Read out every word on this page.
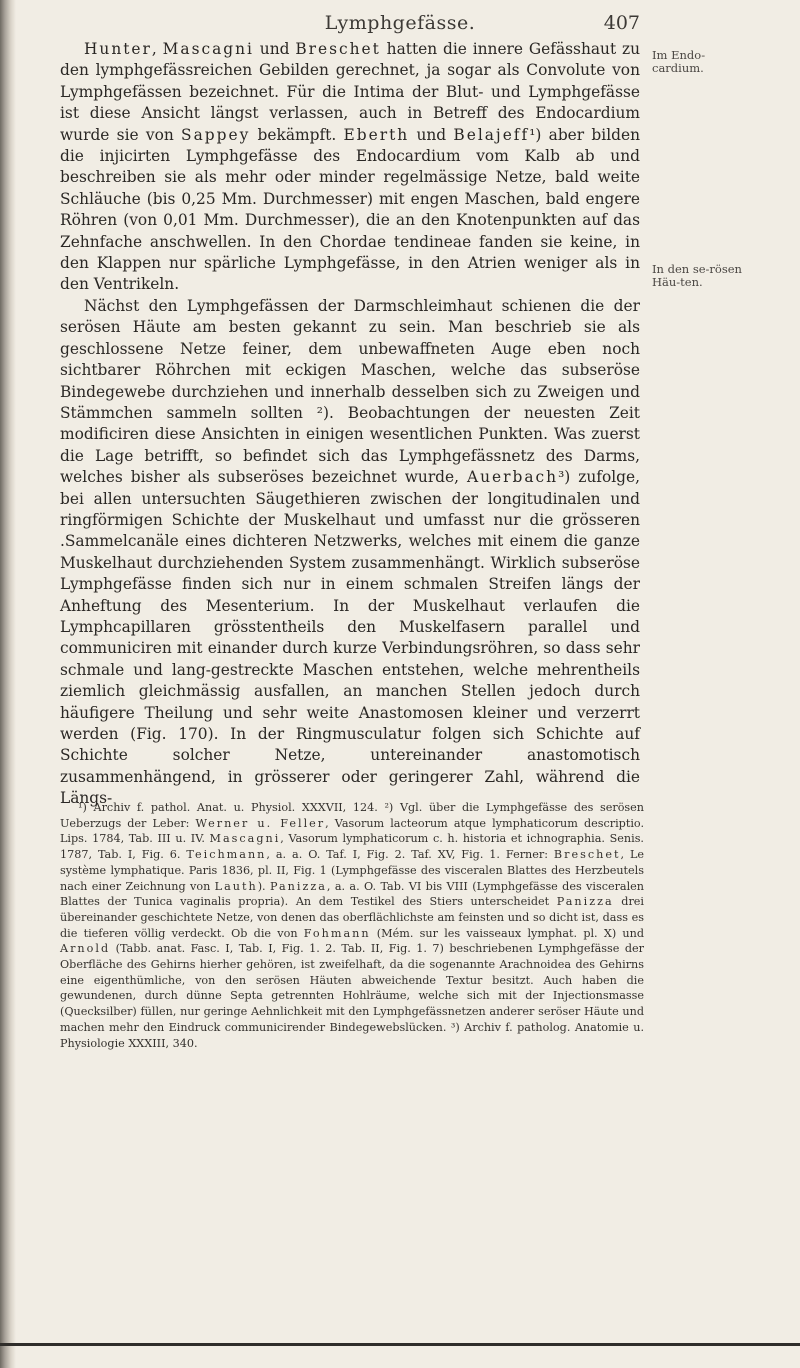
Lymphgefässe.	407

Hunter, Mascagni und Breschet hatten die innere Gefässhaut zu den lymphgefässreichen Gebilden gerechnet, ja sogar als Convolute von Lymphgefässen bezeichnet. Für die Intima der Blut- und Lymphgefässe ist diese Ansicht längst verlassen, auch in Betreff des Endocardium wurde sie von Sappey bekämpft. Eberth und Belajeff¹) aber bilden die injicirten Lymphgefässe des Endocardium vom Kalb ab und beschreiben sie als mehr oder minder regelmässige Netze, bald weite Schläuche (bis 0,25 Mm. Durchmesser) mit engen Maschen, bald engere Röhren (von 0,01 Mm. Durchmesser), die an den Knotenpunkten auf das Zehnfache anschwellen. In den Chordae tendineae fanden sie keine, in den Klappen nur spärliche Lymphgefässe, in den Atrien weniger als in den Ventrikeln.

Nächst den Lymphgefässen der Darmschleimhaut schienen die der serösen Häute am besten gekannt zu sein. Man beschrieb sie als geschlossene Netze feiner, dem unbewaffneten Auge eben noch sichtbarer Röhrchen mit eckigen Maschen, welche das subseröse Bindegewebe durchziehen und innerhalb desselben sich zu Zweigen und Stämmchen sammeln sollten ²). Beobachtungen der neuesten Zeit modificiren diese Ansichten in einigen wesentlichen Punkten. Was zuerst die Lage betrifft, so befindet sich das Lymphgefässnetz des Darms, welches bisher als subseröses bezeichnet wurde, Auerbach³) zufolge, bei allen untersuchten Säugethieren zwischen der longitudinalen und ringförmigen Schichte der Muskelhaut und umfasst nur die grösseren .Sammelcanäle eines dichteren Netzwerks, welches mit einem die ganze Muskelhaut durchziehenden System zusammenhängt. Wirklich subseröse Lymphgefässe finden sich nur in einem schmalen Streifen längs der Anheftung des Mesenterium. In der Muskelhaut verlaufen die Lymphcapillaren grösstentheils den Muskelfasern parallel und communiciren mit einander durch kurze Verbindungsröhren, so dass sehr schmale und lang-gestreckte Maschen entstehen, welche mehrentheils ziemlich gleichmässig ausfallen, an manchen Stellen jedoch durch häufigere Theilung und sehr weite Anastomosen kleiner und verzerrt werden (Fig. 170). In der Ringmusculatur folgen sich Schichte auf Schichte solcher Netze, untereinander anastomotisch zusammenhängend, in grösserer oder geringerer Zahl, während die Längs-

Im Endo-cardium.
In den se-rösen Häu-ten.

¹) Archiv f. pathol. Anat. u. Physiol. XXXVII, 124. ²) Vgl. über die Lymphgefässe des serösen Ueberzugs der Leber: Werner u. Feller, Vasorum lacteorum atque lymphaticorum descriptio. Lips. 1784, Tab. III u. IV. Mascagni, Vasorum lymphaticorum c. h. historia et ichnographia. Senis. 1787, Tab. I, Fig. 6. Teichmann, a. a. O. Taf. I, Fig. 2. Taf. XV, Fig. 1. Ferner: Breschet, Le système lymphatique. Paris 1836, pl. II, Fig. 1 (Lymphgefässe des visceralen Blattes des Herzbeutels nach einer Zeichnung von Lauth). Panizza, a. a. O. Tab. VI bis VIII (Lymphgefässe des visceralen Blattes der Tunica vaginalis propria). An dem Testikel des Stiers unterscheidet Panizza drei übereinander geschichtete Netze, von denen das oberflächlichste am feinsten und so dicht ist, dass es die tieferen völlig verdeckt. Ob die von Fohmann (Mém. sur les vaisseaux lymphat. pl. X) und Arnold (Tabb. anat. Fasc. I, Tab. I, Fig. 1. 2. Tab. II, Fig. 1. 7) beschriebenen Lymphgefässe der Oberfläche des Gehirns hierher gehören, ist zweifelhaft, da die sogenannte Arachnoidea des Gehirns eine eigenthümliche, von den serösen Häuten abweichende Textur besitzt. Auch haben die gewundenen, durch dünne Septa getrennten Hohlräume, welche sich mit der Injectionsmasse (Quecksilber) füllen, nur geringe Aehnlichkeit mit den Lymphgefässnetzen anderer seröser Häute und machen mehr den Eindruck communicirender Bindegewebslücken. ³) Archiv f. patholog. Anatomie u. Physiologie XXXIII, 340.
